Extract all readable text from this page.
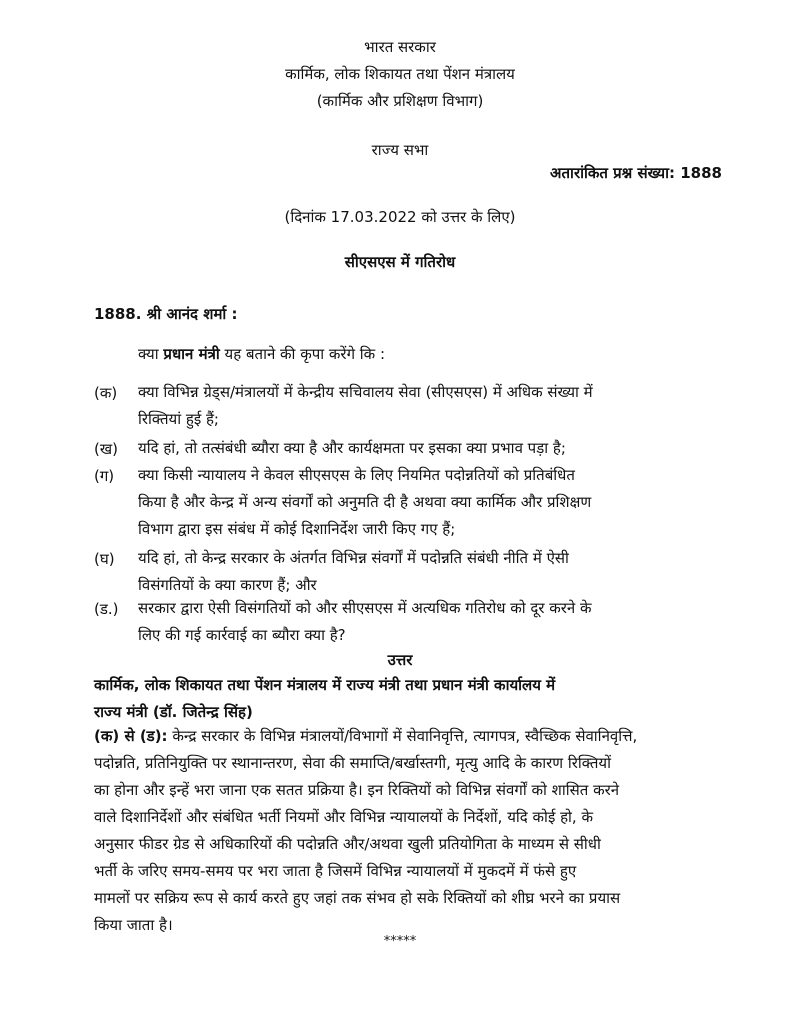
भारत सरकार
कार्मिक, लोक शिकायत तथा पेंशन मंत्रालय
(कार्मिक और प्रशिक्षण विभाग)
राज्य सभा
अतारांकित प्रश्न संख्या: 1888
(दिनांक 17.03.2022 को उत्तर के लिए)
सीएसएस में गतिरोध
1888. श्री आनंद शर्मा :
क्या प्रधान मंत्री यह बताने की कृपा करेंगे कि :
(क) क्या विभिन्न ग्रेड्स/मंत्रालयों में केन्द्रीय सचिवालय सेवा (सीएसएस) में अधिक संख्या में
रिक्तियां हुई हैं;
(ख) यदि हां, तो तत्संबंधी ब्यौरा क्या है और कार्यक्षमता पर इसका क्या प्रभाव पड़ा है;
(ग) क्या किसी न्यायालय ने केवल सीएसएस के लिए नियमित पदोन्नतियों को प्रतिबंधित
किया है और केन्द्र में अन्य संवर्गों को अनुमति दी है अथवा क्या कार्मिक और प्रशिक्षण
विभाग द्वारा इस संबंध में कोई दिशानिर्देश जारी किए गए हैं;
(घ) यदि हां, तो केन्द्र सरकार के अंतर्गत विभिन्न संवर्गों में पदोन्नति संबंधी नीति में ऐसी
विसंगतियों के क्या कारण हैं; और
(ड.) सरकार द्वारा ऐसी विसंगतियों को और सीएसएस में अत्यधिक गतिरोध को दूर करने के
लिए की गई कार्रवाई का ब्यौरा क्या है?
उत्तर
कार्मिक, लोक शिकायत तथा पेंशन मंत्रालय में राज्य मंत्री तथा प्रधान मंत्री कार्यालय में
राज्य मंत्री (डॉ. जितेन्द्र सिंह)
(क) से (ड): केन्द्र सरकार के विभिन्न मंत्रालयों/विभागों में सेवानिवृत्ति, त्यागपत्र, स्वैच्छिक सेवानिवृत्ति,
पदोन्नति, प्रतिनियुक्ति पर स्थानान्तरण, सेवा की समाप्ति/बर्खास्तगी, मृत्यु आदि के कारण रिक्तियों
का होना और इन्हें भरा जाना एक सतत प्रक्रिया है। इन रिक्तियों को विभिन्न संवर्गों को शासित करने
वाले दिशानिर्देशों और संबंधित भर्ती नियमों और विभिन्न न्यायालयों के निर्देशों, यदि कोई हो, के
अनुसार फीडर ग्रेड से अधिकारियों की पदोन्नति और/अथवा खुली प्रतियोगिता के माध्यम से सीधी
भर्ती के जरिए समय-समय पर भरा जाता है जिसमें विभिन्न न्यायालयों में मुकदमें में फंसे हुए
मामलों पर सक्रिय रूप से कार्य करते हुए जहां तक संभव हो सके रिक्तियों को शीघ्र भरने का प्रयास
किया जाता है।
*****
